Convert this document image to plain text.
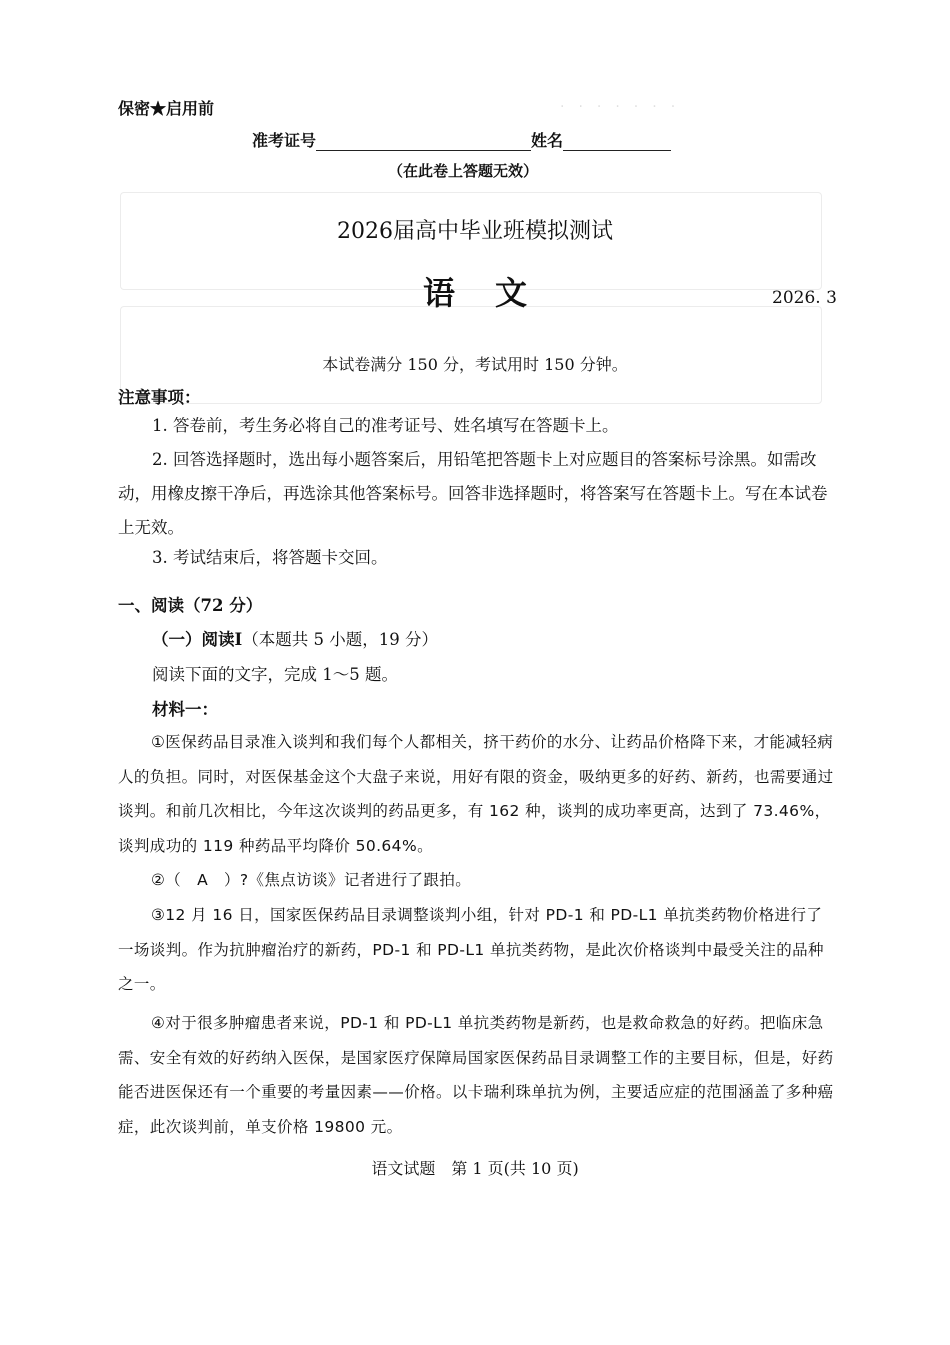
·　·　·　·　·　·　·
保密★启用前
准考证号	姓名
（在此卷上答题无效）
2026届高中毕业班模拟测试
语文	2026. 3
本试卷满分 150 分，考试用时 150 分钟。
注意事项：
1. 答卷前，考生务必将自己的准考证号、姓名填写在答题卡上。
2. 回答选择题时，选出每小题答案后，用铅笔把答题卡上对应题目的答案标号涂黑。如需改动，用橡皮擦干净后，再选涂其他答案标号。回答非选择题时，将答案写在答题卡上。写在本试卷上无效。
3. 考试结束后，将答题卡交回。
一、阅读（72 分）
（一）阅读Ⅰ（本题共 5 小题，19 分）
阅读下面的文字，完成 1～5 题。
材料一：
①医保药品目录准入谈判和我们每个人都相关，挤干药价的水分、让药品价格降下来，才能减轻病人的负担。同时，对医保基金这个大盘子来说，用好有限的资金，吸纳更多的好药、新药，也需要通过谈判。和前几次相比，今年这次谈判的药品更多，有 162 种，谈判的成功率更高，达到了 73.46%，谈判成功的 119 种药品平均降价 50.64%。
②（　A　）?《焦点访谈》记者进行了跟拍。
③12 月 16 日，国家医保药品目录调整谈判小组，针对 PD-1 和 PD-L1 单抗类药物价格进行了一场谈判。作为抗肿瘤治疗的新药，PD-1 和 PD-L1 单抗类药物，是此次价格谈判中最受关注的品种之一。
④对于很多肿瘤患者来说，PD-1 和 PD-L1 单抗类药物是新药，也是救命救急的好药。把临床急需、安全有效的好药纳入医保，是国家医疗保障局国家医保药品目录调整工作的主要目标，但是，好药能否进医保还有一个重要的考量因素——价格。以卡瑞利珠单抗为例，主要适应症的范围涵盖了多种癌症，此次谈判前，单支价格 19800 元。
语文试题　第 1 页(共 10 页)
